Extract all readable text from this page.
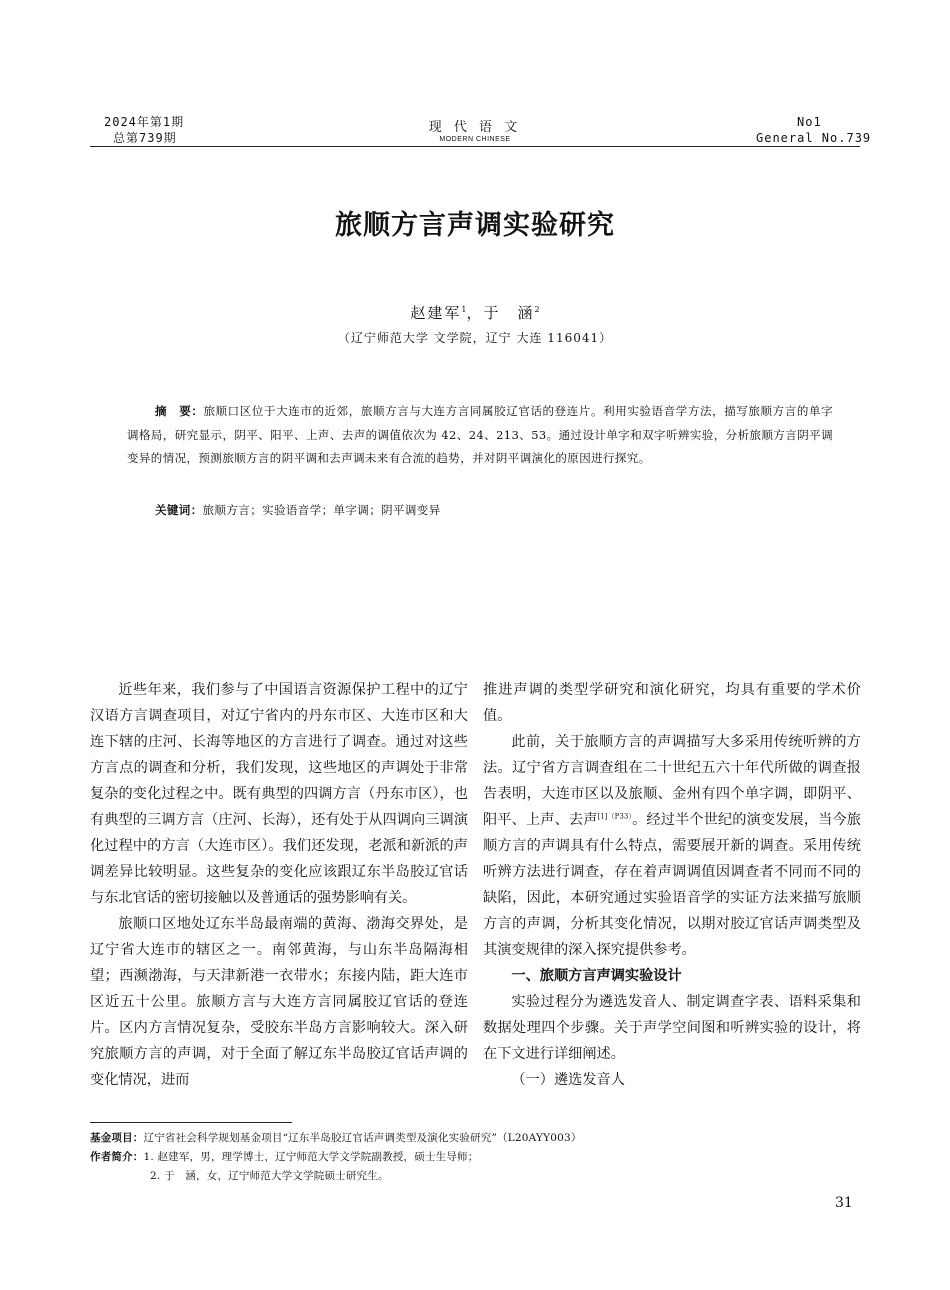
2024年第1期
总第739期
现 代 语 文
MODERN CHINESE
No1
General No.739
旅顺方言声调实验研究
赵建军$^1$，于　涵$^2$
（辽宁师范大学 文学院，辽宁 大连 116041）
摘　要：旅顺口区位于大连市的近郊，旅顺方言与大连方言同属胶辽官话的登连片。利用实验语音学方法，描写旅顺方言的单字调格局，研究显示，阴平、阳平、上声、去声的调值依次为 42、24、213、53。通过设计单字和双字听辨实验，分析旅顺方言阴平调变异的情况，预测旅顺方言的阴平调和去声调未来有合流的趋势，并对阴平调演化的原因进行探究。
关键词：旅顺方言；实验语音学；单字调；阴平调变异

近些年来，我们参与了中国语言资源保护工程中的辽宁汉语方言调查项目，对辽宁省内的丹东市区、大连市区和大连下辖的庄河、长海等地区的方言进行了调查。通过对这些方言点的调查和分析，我们发现，这些地区的声调处于非常复杂的变化过程之中。既有典型的四调方言（丹东市区），也有典型的三调方言（庄河、长海），还有处于从四调向三调演化过程中的方言（大连市区）。我们还发现，老派和新派的声调差异比较明显。这些复杂的变化应该跟辽东半岛胶辽官话与东北官话的密切接触以及普通话的强势影响有关。

旅顺口区地处辽东半岛最南端的黄海、渤海交界处，是辽宁省大连市的辖区之一。南邻黄海，与山东半岛隔海相望；西濒渤海，与天津新港一衣带水；东接内陆，距大连市区近五十公里。旅顺方言与大连方言同属胶辽官话的登连片。区内方言情况复杂，受胶东半岛方言影响较大。深入研究旅顺方言的声调，对于全面了解辽东半岛胶辽官话声调的变化情况，进而

推进声调的类型学研究和演化研究，均具有重要的学术价值。

此前，关于旅顺方言的声调描写大多采用传统听辨的方法。辽宁省方言调查组在二十世纪五六十年代所做的调查报告表明，大连市区以及旅顺、金州有四个单字调，即阴平、阳平、上声、去声$^{[1](P33)}$。经过半个世纪的演变发展，当今旅顺方言的声调具有什么特点，需要展开新的调查。采用传统听辨方法进行调查，存在着声调调值因调查者不同而不同的缺陷，因此，本研究通过实验语音学的实证方法来描写旅顺方言的声调，分析其变化情况，以期对胶辽官话声调类型及其演变规律的深入探究提供参考。

一、旅顺方言声调实验设计

实验过程分为遴选发音人、制定调查字表、语料采集和数据处理四个步骤。关于声学空间图和听辨实验的设计，将在下文进行详细阐述。

（一）遴选发音人

基金项目：辽宁省社会科学规划基金项目“辽东半岛胶辽官话声调类型及演化实验研究”（L20AYY003）
作者简介：1. 赵建军，男，理学博士，辽宁师范大学文学院副教授，硕士生导师；
2. 于　涵，女，辽宁师范大学文学院硕士研究生。
31
